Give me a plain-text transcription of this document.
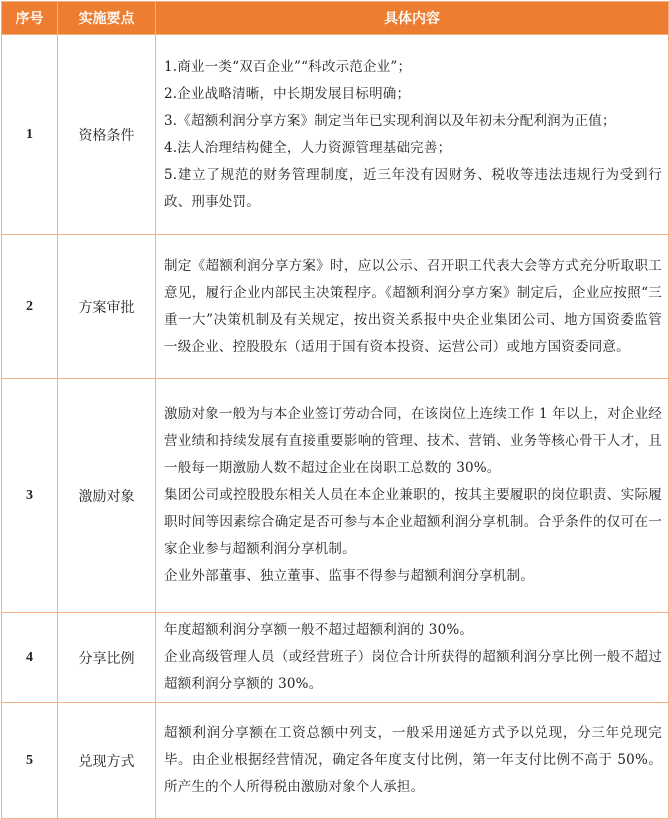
序号	实施要点	具体内容
1	资格条件	1.商业一类“双百企业”“科改示范企业”；

2.企业战略清晰，中长期发展目标明确；

3.《超额利润分享方案》制定当年已实现利润以及年初未分配利润为正值；

4.法人治理结构健全，人力资源管理基础完善；

5.建立了规范的财务管理制度，近三年没有因财务、税收等违法违规行为受到行政、刑事处罚。

2	方案审批	制定《超额利润分享方案》时，应以公示、召开职工代表大会等方式充分听取职工意见，履行企业内部民主决策程序。《超额利润分享方案》制定后，企业应按照“三重一大”决策机制及有关规定，按出资关系报中央企业集团公司、地方国资委监管一级企业、控股股东（适用于国有资本投资、运营公司）或地方国资委同意。

3	激励对象	激励对象一般为与本企业签订劳动合同，在该岗位上连续工作 1 年以上，对企业经营业绩和持续发展有直接重要影响的管理、技术、营销、业务等核心骨干人才，且一般每一期激励人数不超过企业在岗职工总数的 30%。

集团公司或控股股东相关人员在本企业兼职的，按其主要履职的岗位职责、实际履职时间等因素综合确定是否可参与本企业超额利润分享机制。合乎条件的仅可在一家企业参与超额利润分享机制。

企业外部董事、独立董事、监事不得参与超额利润分享机制。

4	分享比例	年度超额利润分享额一般不超过超额利润的 30%。

企业高级管理人员（或经营班子）岗位合计所获得的超额利润分享比例一般不超过超额利润分享额的 30%。

5	兑现方式	超额利润分享额在工资总额中列支，一般采用递延方式予以兑现，分三年兑现完毕。由企业根据经营情况，确定各年度支付比例，第一年支付比例不高于 50%。所产生的个人所得税由激励对象个人承担。
